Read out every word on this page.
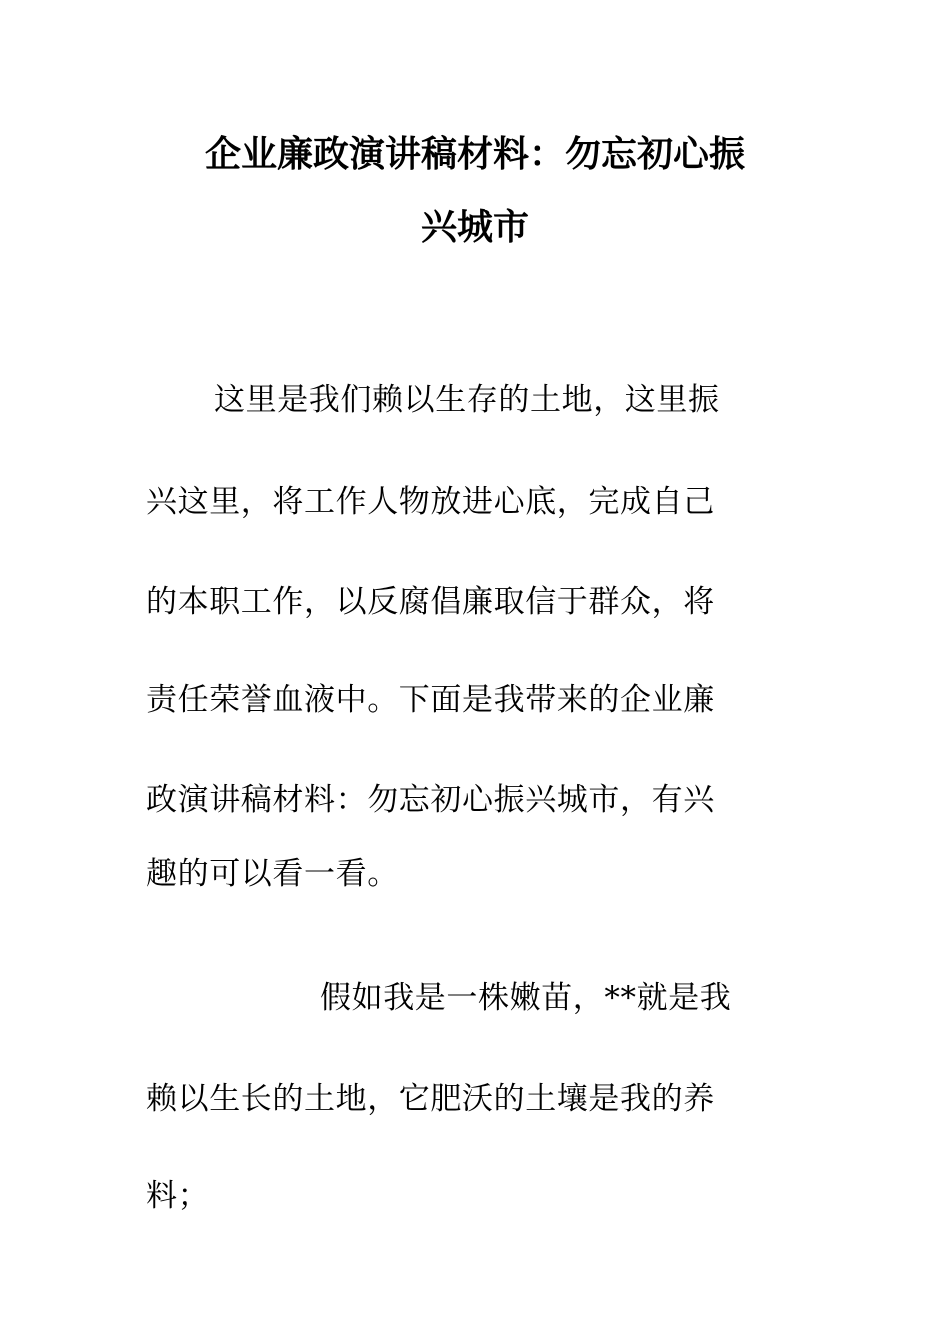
企业廉政演讲稿材料：勿忘初心振
兴城市
这里是我们赖以生存的土地，这里振
兴这里，将工作人物放进心底，完成自己
的本职工作，以反腐倡廉取信于群众，将
责任荣誉血液中。下面是我带来的企业廉
政演讲稿材料：勿忘初心振兴城市，有兴
趣的可以看一看。
假如我是一株嫩苗，**就是我
赖以生长的土地，它肥沃的土壤是我的养
料；
